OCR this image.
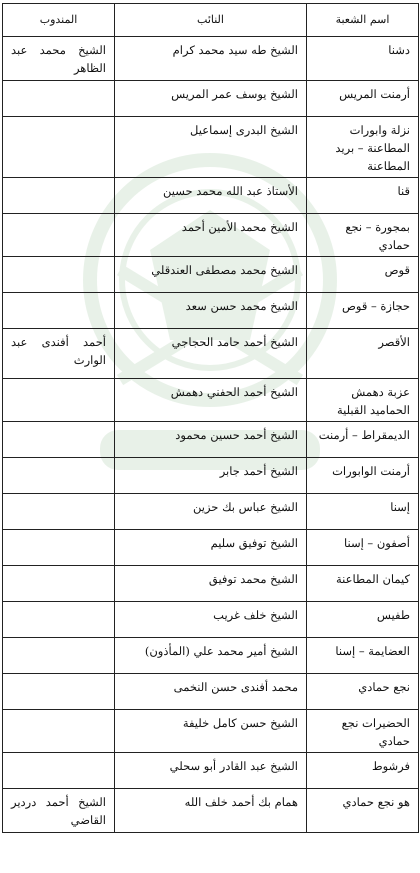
اسم الشعبة	النائب	المندوب
دشنا	الشيخ طه سيد محمد كرام	الشيخ محمد عبد الظاهر
أرمنت المريس	الشيخ يوسف عمر المريس	
نزلة وابورات المطاعنة – بريد المطاعنة	الشيخ البدرى إسماعيل	
قنا	الأستاذ عبد الله محمد حسين	
بمجورة – نجع حمادي	الشيخ محمد الأمين أحمد	
قوص	الشيخ محمد مصطفى العندقلي	
حجازة – قوص	الشيخ محمد حسن سعد	
الأقصر	الشيخ أحمد حامد الحجاجي	أحمد أفندى عبد الوارث
عزبة دهمش الحماميد القبلية	الشيخ أحمد الحفني دهمش	
الديمقراط – أرمنت	الشيخ أحمد حسين محمود	
أرمنت الوابورات	الشيخ أحمد جابر	
إسنا	الشيخ عباس بك حزين	
أصفون – إسنا	الشيخ توفيق سليم	
كيمان المطاعنة	الشيخ محمد توفيق	
طفيس	الشيخ خلف غريب	
العضايمة – إسنا	الشيخ أمير محمد علي (المأذون)	
نجع حمادي	محمد أفندى حسن النخمى	
الحضيرات نجع حمادي	الشيخ حسن كامل خليفة	
فرشوط	الشيخ عبد القادر أبو سحلي	
هو نجع حمادي	همام بك أحمد خلف الله	الشيخ أحمد دردير القاضي
